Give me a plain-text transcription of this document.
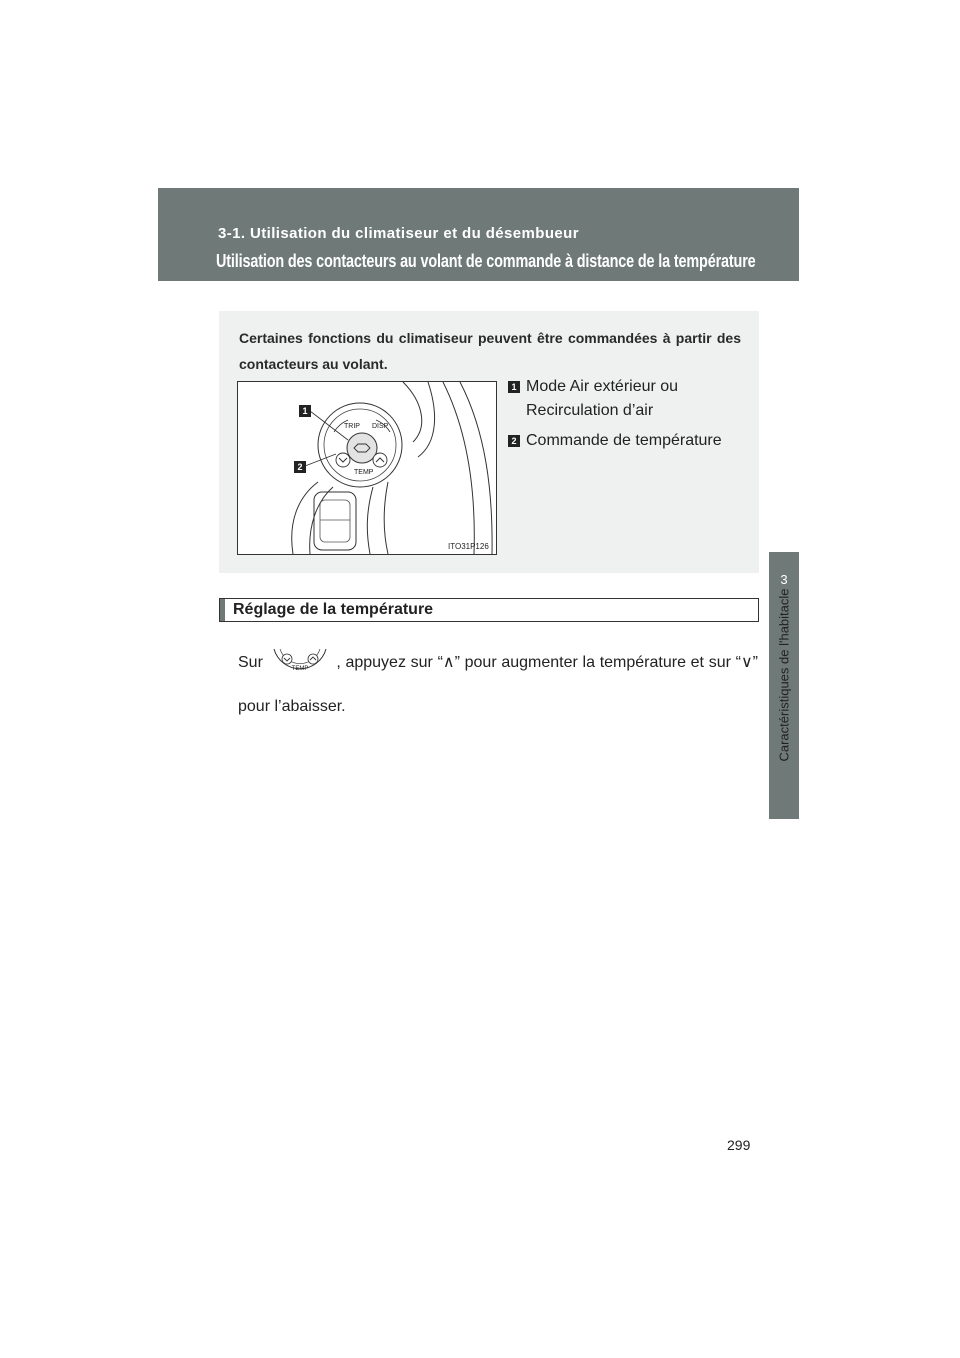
3-1. Utilisation du climatiseur et du désembueur
Utilisation des contacteurs au volant de commande à distance de la température
3
Caractéristiques de l'habitacle
Certaines fonctions du climatiseur peuvent être commandées à partir des contacteurs au volant.
TRIP DISP
TEMP
1
2
ITO31P126
1 Mode Air extérieur ou Recirculation d’air
2 Commande de température
Réglage de la température
Sur	TEMP , appuyez sur “∧” pour augmenter la température et sur “∨” pour l’abaisser.
299
